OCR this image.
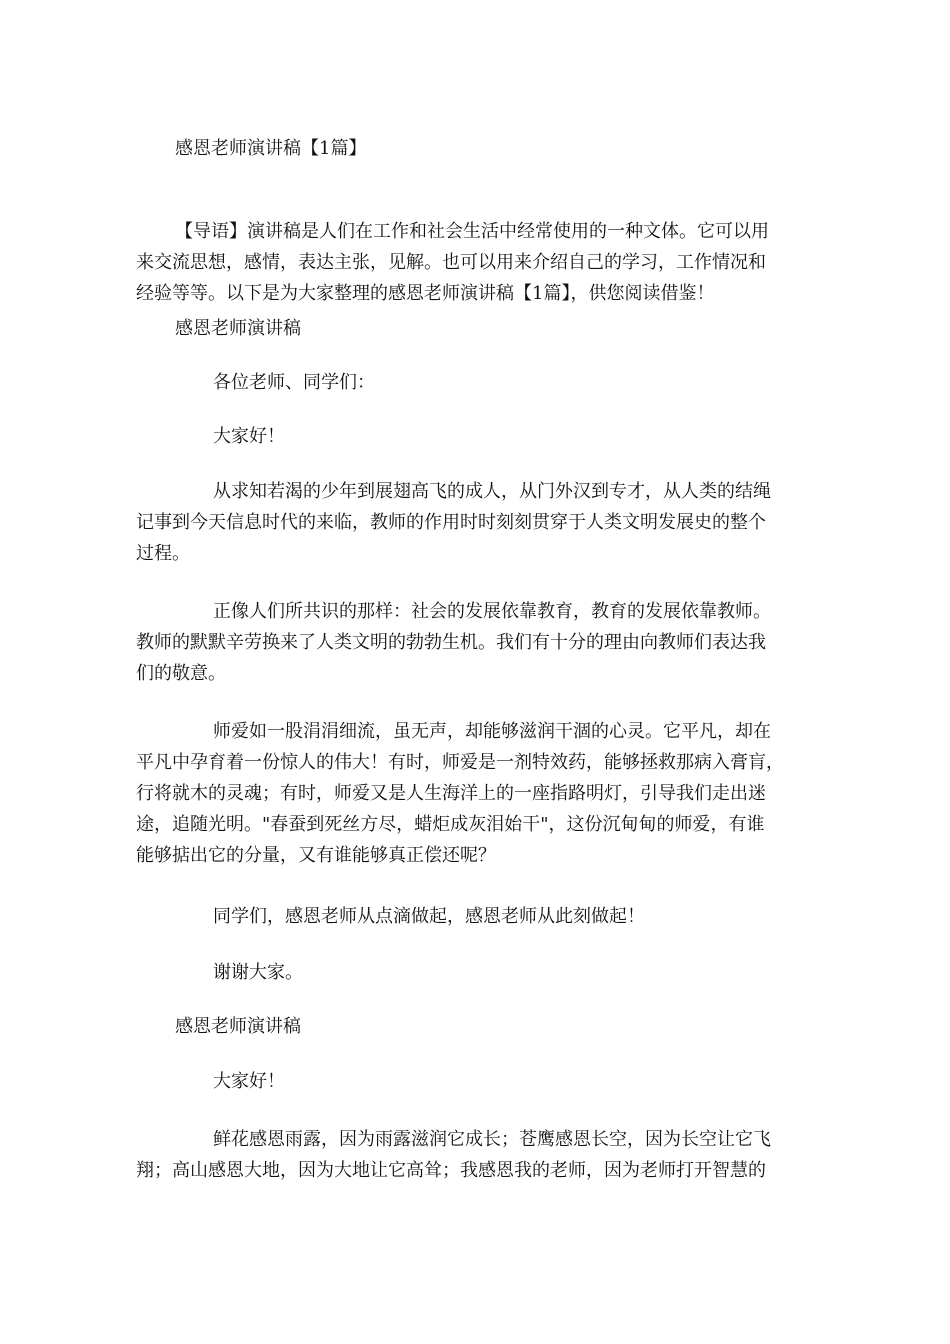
感恩老师演讲稿【1篇】

【导语】演讲稿是人们在工作和社会生活中经常使用的一种文体。它可以用

来交流思想，感情，表达主张，见解。也可以用来介绍自己的学习，工作情况和

经验等等。以下是为大家整理的感恩老师演讲稿【1篇】，供您阅读借鉴！

感恩老师演讲稿

各位老师、同学们：

大家好！

从求知若渴的少年到展翅高飞的成人，从门外汉到专才，从人类的结绳

记事到今天信息时代的来临，教师的作用时时刻刻贯穿于人类文明发展史的整个

过程。

正像人们所共识的那样：社会的发展依靠教育，教育的发展依靠教师。

教师的默默辛劳换来了人类文明的勃勃生机。我们有十分的理由向教师们表达我

们的敬意。

师爱如一股涓涓细流，虽无声，却能够滋润干涸的心灵。它平凡，却在

平凡中孕育着一份惊人的伟大！有时，师爱是一剂特效药，能够拯救那病入膏肓，

行将就木的灵魂；有时，师爱又是人生海洋上的一座指路明灯，引导我们走出迷

途，追随光明。"春蚕到死丝方尽，蜡炬成灰泪始干"，这份沉甸甸的师爱，有谁

能够掂出它的分量，又有谁能够真正偿还呢？

同学们，感恩老师从点滴做起，感恩老师从此刻做起！

谢谢大家。

感恩老师演讲稿

大家好！

鲜花感恩雨露，因为雨露滋润它成长；苍鹰感恩长空，因为长空让它飞

翔；高山感恩大地，因为大地让它高耸；我感恩我的老师，因为老师打开智慧的
